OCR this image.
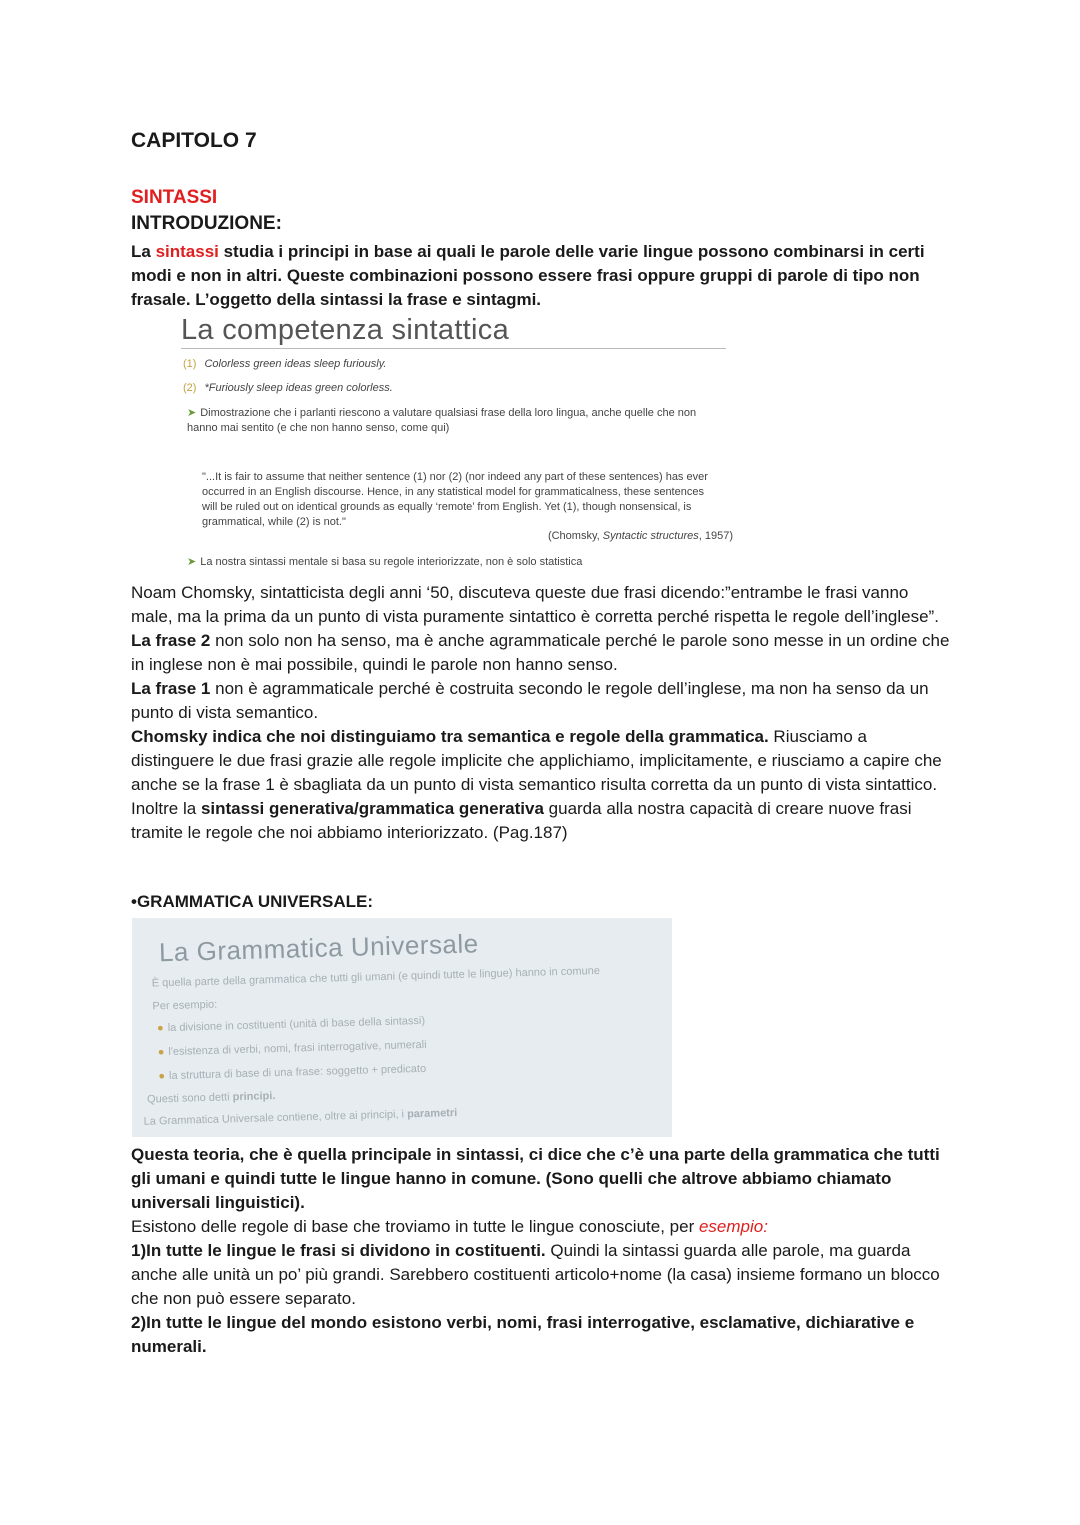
CAPITOLO 7
SINTASSI
INTRODUZIONE:

La sintassi studia i principi in base ai quali le parole delle varie lingue possono combinarsi in certi modi e non in altri. Queste combinazioni possono essere frasi oppure gruppi di parole di tipo non frasale. L’oggetto della sintassi la frase e sintagmi.

La competenza sintattica
(1) Colorless green ideas sleep furiously.
(2) *Furiously sleep ideas green colorless.
➤ Dimostrazione che i parlanti riescono a valutare qualsiasi frase della loro lingua, anche quelle che non hanno mai sentito (e che non hanno senso, come qui)
"...It is fair to assume that neither sentence (1) nor (2) (nor indeed any part of these sentences) has ever occurred in an English discourse. Hence, in any statistical model for grammaticalness, these sentences will be ruled out on identical grounds as equally ‘remote’ from English. Yet (1), though nonsensical, is grammatical, while (2) is not."
(Chomsky, Syntactic structures, 1957)
➤ La nostra sintassi mentale si basa su regole interiorizzate, non è solo statistica

Noam Chomsky, sintatticista degli anni ‘50, discuteva queste due frasi dicendo:”entrambe le frasi vanno male, ma la prima da un punto di vista puramente sintattico è corretta perché rispetta le regole dell’inglese”.

La frase 2 non solo non ha senso, ma è anche agrammaticale perché le parole sono messe in un ordine che in inglese non è mai possibile, quindi le parole non hanno senso.

La frase 1 non è agrammaticale perché è costruita secondo le regole dell’inglese, ma non ha senso da un punto di vista semantico.

Chomsky indica che noi distinguiamo tra semantica e regole della grammatica. Riusciamo a distinguere le due frasi grazie alle regole implicite che applichiamo, implicitamente, e riusciamo a capire che anche se la frase 1 è sbagliata da un punto di vista semantico risulta corretta da un punto di vista sintattico. Inoltre la sintassi generativa/grammatica generativa guarda alla nostra capacità di creare nuove frasi tramite le regole che noi abbiamo interiorizzato. (Pag.187)

•GRAMMATICA UNIVERSALE:
La Grammatica Universale
È quella parte della grammatica che tutti gli umani (e quindi tutte le lingue) hanno in comune
Per esempio:
● la divisione in costituenti (unità di base della sintassi)
● l'esistenza di verbi, nomi, frasi interrogative, numerali
● la struttura di base di una frase: soggetto + predicato
Questi sono detti principi.
La Grammatica Universale contiene, oltre ai principi, i parametri

Questa teoria, che è quella principale in sintassi, ci dice che c’è una parte della grammatica che tutti gli umani e quindi tutte le lingue hanno in comune. (Sono quelli che altrove abbiamo chiamato universali linguistici).

Esistono delle regole di base che troviamo in tutte le lingue conosciute, per esempio:

1)In tutte le lingue le frasi si dividono in costituenti. Quindi la sintassi guarda alle parole, ma guarda anche alle unità un po’ più grandi. Sarebbero costituenti articolo+nome (la casa) insieme formano un blocco che non può essere separato.

2)In tutte le lingue del mondo esistono verbi, nomi, frasi interrogative, esclamative, dichiarative e numerali.
